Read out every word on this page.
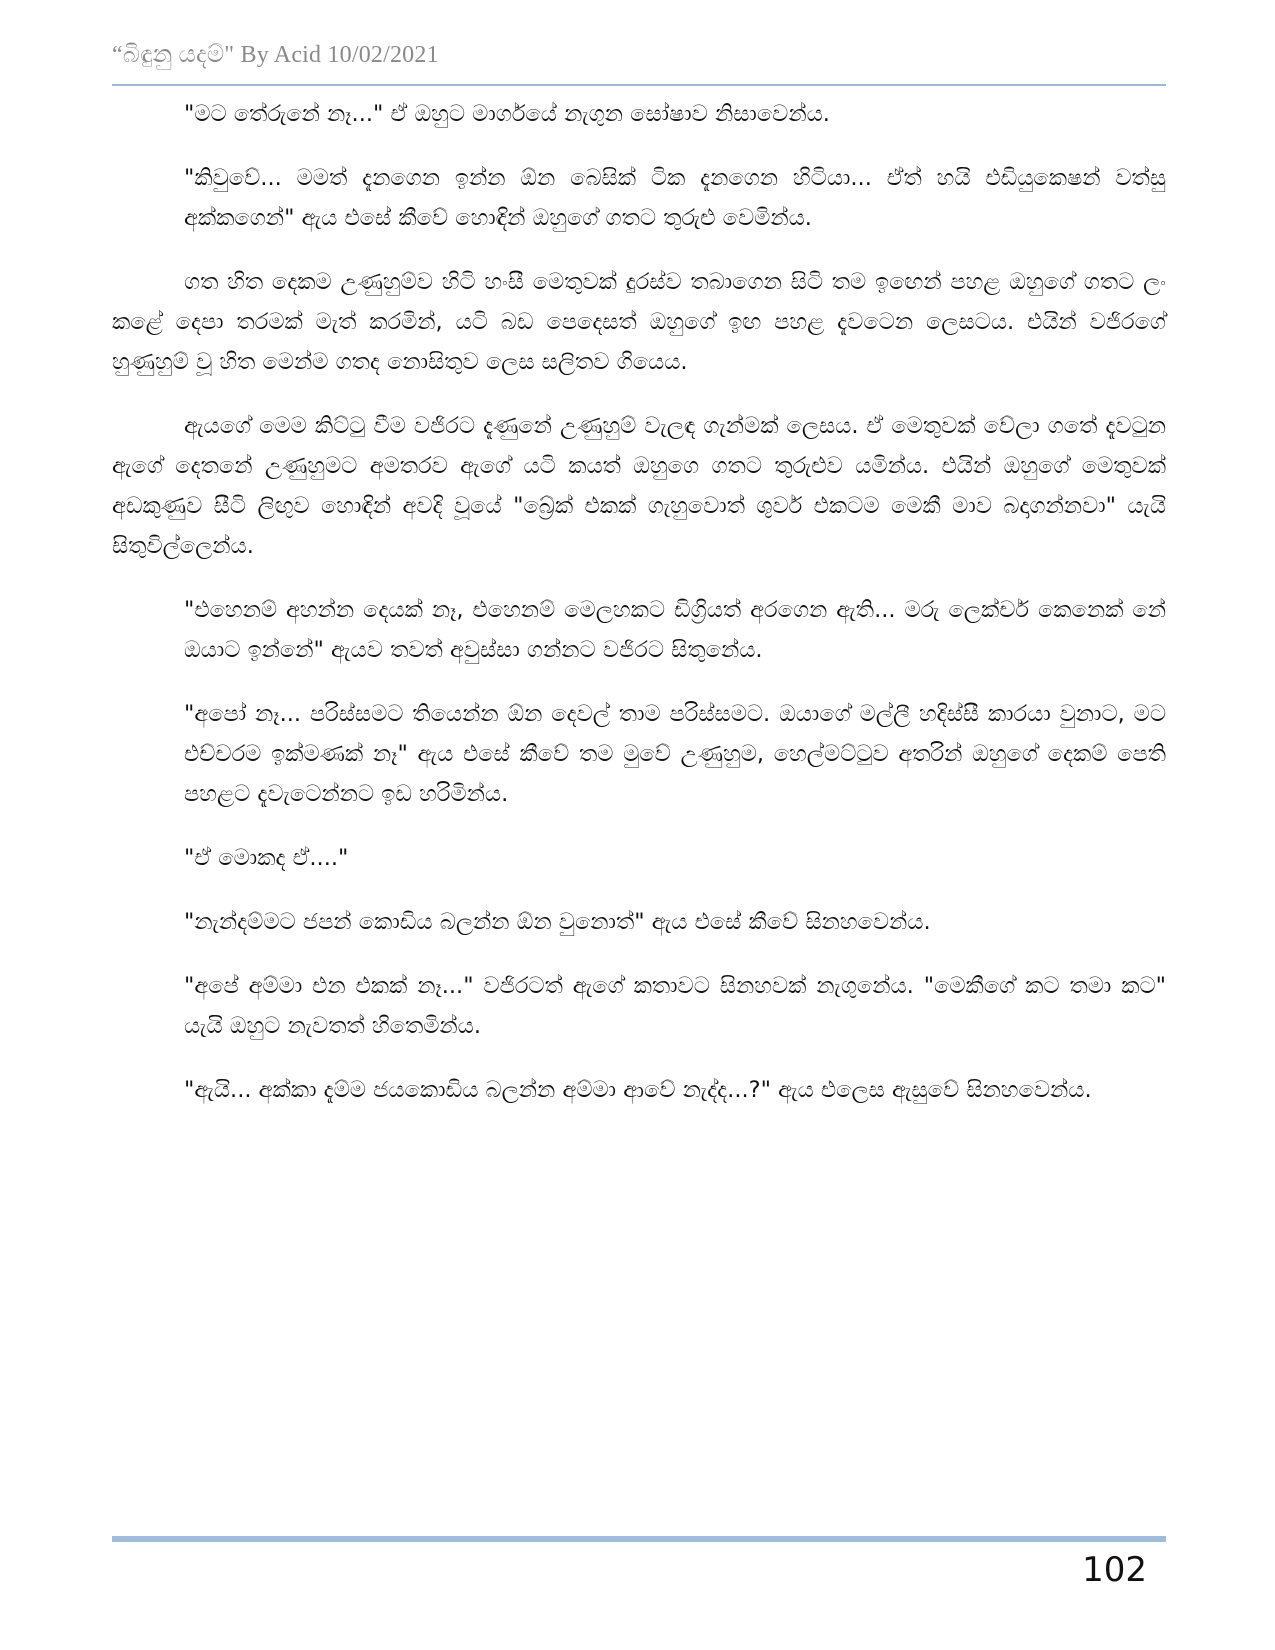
“බිඳුනු යදම්" By Acid 10/02/2021

"මට තේරුනේ නෑ..." ඒ ඔහුට මාර්ගයේ නැගුන සෝෂාව නිසාවෙන්ය.

"කිවුවේ... මමත් දැනගෙන ඉන්න ඕන බෙසික් ටික දැනගෙන හිටියා... ඒත් හයි එඩියුකෙෂන් වත්සු අක්කගෙන්" ඇය එසේ කීවේ හොඳින් ඔහුගේ ගතට තුරුළු වෙමින්ය.

ගත හිත දෙකම උණුහුම්ව හිටි හංසී මෙතුවක් දුරස්ව තබාගෙන සිටි තම ඉඟෙන් පහළ ඔහුගේ ගතට ලං කළේ දෙපා තරමක් මැත් කරමින්, යටි බඩ පෙදෙසත් ඔහුගේ ඉඟ පහළ දැවටෙන ලෙසටය. එයින් වජිරගේ හුණුහුම් වූ හිත මෙන්ම ගතද නොසිතුව ලෙස සලිතව ගියෙය.

ඇයගේ මෙම කිට්ටු වීම වජිරට දැණුනේ උණුහුම් වැලඳ ගැන්මක් ලෙසය. ඒ මෙතුවක් වේලා ගතේ දැවටුන ඇගේ දෙතනේ උණුහුමට අමතරව ඇගේ යටි කයත් ඔහුගෙ ගතට තුරුළුව යමින්ය. එයින් ඔහුගේ මෙතුවක් අඩකුණුව සීටි ලිඟුව හොඳින් අවදි වූයේ "බ්‍රේක් එකක් ගැහුවොත් ශුවර් එකටම මෙකී මාව බදාගන්නවා" යැයි සිතුවිල්ලෙන්ය.

"එහෙනම් අහන්න දෙයක් නෑ, එහෙනම් මෙලහකට ඩිග්‍රියත් අරගෙන ඇති... මරු ලෙක්චර් කෙනෙක් නේ ඔයාට ඉන්නේ" ඇයව තවත් අවුස්සා ගන්නට වජිරට සිතුනේය.

"අපෝ නෑ... පරිස්සමට තියෙන්න ඕන දෙවල් තාම පරිස්සමට. ඔයාගේ මල්ලී හදිස්සී කාරයා වුනාට, මට එච්චරම ඉක්මණක් නෑ" ඇය එසේ කීවේ තම මුවේ උණුහුම, හෙල්මට්ටුව අතරින් ඔහුගේ දෙකම් පෙති පහළට දැවැටෙන්නට ඉඩ හරිමින්ය.

"ඒ මොකද ඒ...."

"නැන්දම්මට ජපන් කොඩිය බලන්න ඕන වුනොත්" ඇය එසේ කීවේ සිනහවෙන්ය.

"අපේ අම්මා එන එකක් නෑ..." වජිරටත් ඇගේ කතාවට සිනහවක් නැගුනේය. "මෙකීගේ කට තමා කට" යැයි ඔහුට නැවතත් හිතෙමින්ය.

"ඇයි... අක්කා දැම්ම ජයකොඩිය බලන්න අම්මා ආවේ නැද්ද...?" ඇය එලෙස ඇසුවේ සිනහවෙන්ය.

102
